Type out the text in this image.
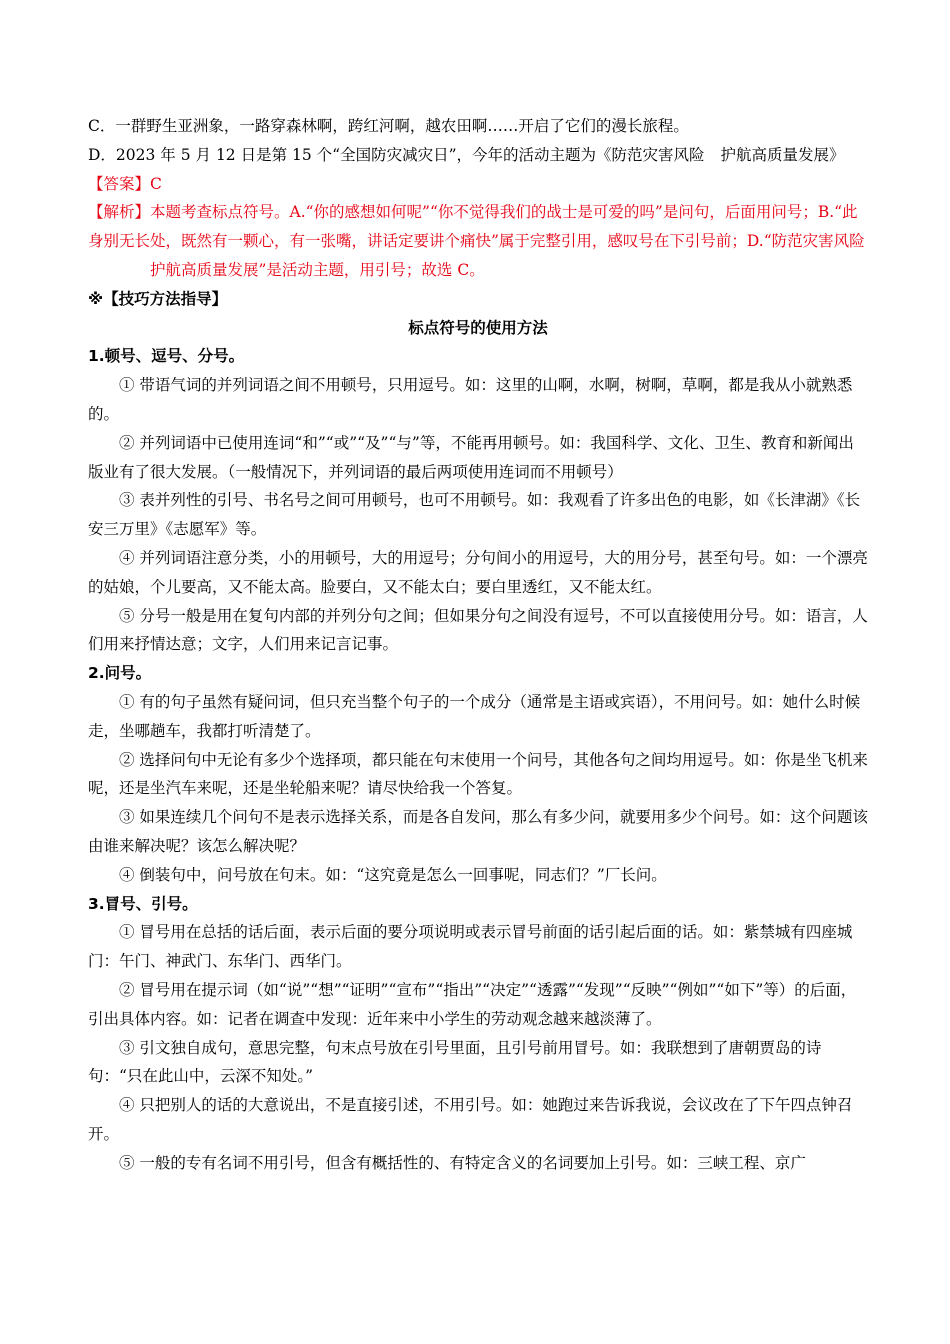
C．一群野生亚洲象，一路穿森林啊，跨红河啊，越农田啊……开启了它们的漫长旅程。

D．2023 年 5 月 12 日是第 15 个“全国防灾减灾日”，今年的活动主题为《防范灾害风险 护航高质量发展》

【答案】C

【解析】本题考查标点符号。A.“你的感想如何呢”“你不觉得我们的战士是可爱的吗”是问句，后面用问号；B.“此身别无长处，既然有一颗心，有一张嘴，讲话定要讲个痛快”属于完整引用，感叹号在下引号前；D.“防范灾害风险护航高质量发展”是活动主题，用引号；故选 C。

※【技巧方法指导】

标点符号的使用方法

1.顿号、逗号、分号。

① 带语气词的并列词语之间不用顿号，只用逗号。如：这里的山啊，水啊，树啊，草啊，都是我从小就熟悉的。

② 并列词语中已使用连词“和”“或”“及”“与”等，不能再用顿号。如：我国科学、文化、卫生、教育和新闻出版业有了很大发展。（一般情况下，并列词语的最后两项使用连词而不用顿号）

③ 表并列性的引号、书名号之间可用顿号，也可不用顿号。如：我观看了许多出色的电影，如《长津湖》《长安三万里》《志愿军》等。

④ 并列词语注意分类，小的用顿号，大的用逗号；分句间小的用逗号，大的用分号，甚至句号。如：一个漂亮的姑娘，个儿要高，又不能太高。脸要白，又不能太白；要白里透红，又不能太红。

⑤ 分号一般是用在复句内部的并列分句之间；但如果分句之间没有逗号，不可以直接使用分号。如：语言，人们用来抒情达意；文字，人们用来记言记事。

2.问号。

① 有的句子虽然有疑问词，但只充当整个句子的一个成分（通常是主语或宾语），不用问号。如：她什么时候走，坐哪趟车，我都打听清楚了。

② 选择问句中无论有多少个选择项，都只能在句末使用一个问号，其他各句之间均用逗号。如：你是坐飞机来呢，还是坐汽车来呢，还是坐轮船来呢？请尽快给我一个答复。

③ 如果连续几个问句不是表示选择关系，而是各自发问，那么有多少问，就要用多少个问号。如：这个问题该由谁来解决呢？该怎么解决呢？

④ 倒装句中，问号放在句末。如：“这究竟是怎么一回事呢，同志们？”厂长问。

3.冒号、引号。

① 冒号用在总括的话后面，表示后面的要分项说明或表示冒号前面的话引起后面的话。如：紫禁城有四座城门：午门、神武门、东华门、西华门。

② 冒号用在提示词（如“说”“想”“证明”“宣布”“指出”“决定”“透露”“发现”“反映”“例如”“如下”等）的后面，引出具体内容。如：记者在调查中发现：近年来中小学生的劳动观念越来越淡薄了。

③ 引文独自成句，意思完整，句末点号放在引号里面，且引号前用冒号。如：我联想到了唐朝贾岛的诗句：“只在此山中，云深不知处。”

④ 只把别人的话的大意说出，不是直接引述，不用引号。如：她跑过来告诉我说，会议改在了下午四点钟召开。

⑤ 一般的专有名词不用引号，但含有概括性的、有特定含义的名词要加上引号。如：三峡工程、京广
